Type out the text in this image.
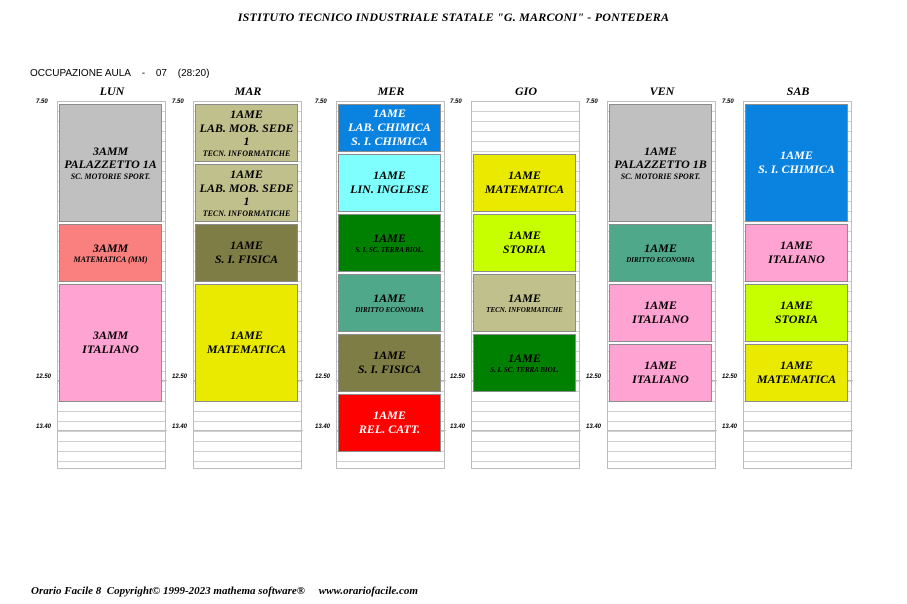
ISTITUTO TECNICO INDUSTRIALE STATALE "G. MARCONI" - PONTEDERA
OCCUPAZIONE AULA - 07 (28:20)
LUN
3AMM
PALAZZETTO 1A
SC. MOTORIE SPORT.
3AMM
MATEMATICA (MM)
3AMM
ITALIANO
7.50
12.50
13.40
MAR
1AME
LAB. MOB. SEDE 1
TECN. INFORMATICHE
1AME
LAB. MOB. SEDE 1
TECN. INFORMATICHE
1AME
S. I. FISICA
1AME
MATEMATICA
7.50
12.50
13.40
MER
1AME
LAB. CHIMICA
S. I. CHIMICA
1AME
LIN. INGLESE
1AME
S. I. SC. TERRA BIOL.
1AME
DIRITTO ECONOMIA
1AME
S. I. FISICA
1AME
REL. CATT.
7.50
12.50
13.40
GIO
1AME
MATEMATICA
1AME
STORIA
1AME
TECN. INFORMATICHE
1AME
S. I. SC. TERRA BIOL.
7.50
12.50
13.40
VEN
1AME
PALAZZETTO 1B
SC. MOTORIE SPORT.
1AME
DIRITTO ECONOMIA
1AME
ITALIANO
1AME
ITALIANO
7.50
12.50
13.40
SAB
1AME
S. I. CHIMICA
1AME
ITALIANO
1AME
STORIA
1AME
MATEMATICA
7.50
12.50
13.40
Orario Facile 8  Copyright© 1999-2023 mathema software®     www.orariofacile.com
